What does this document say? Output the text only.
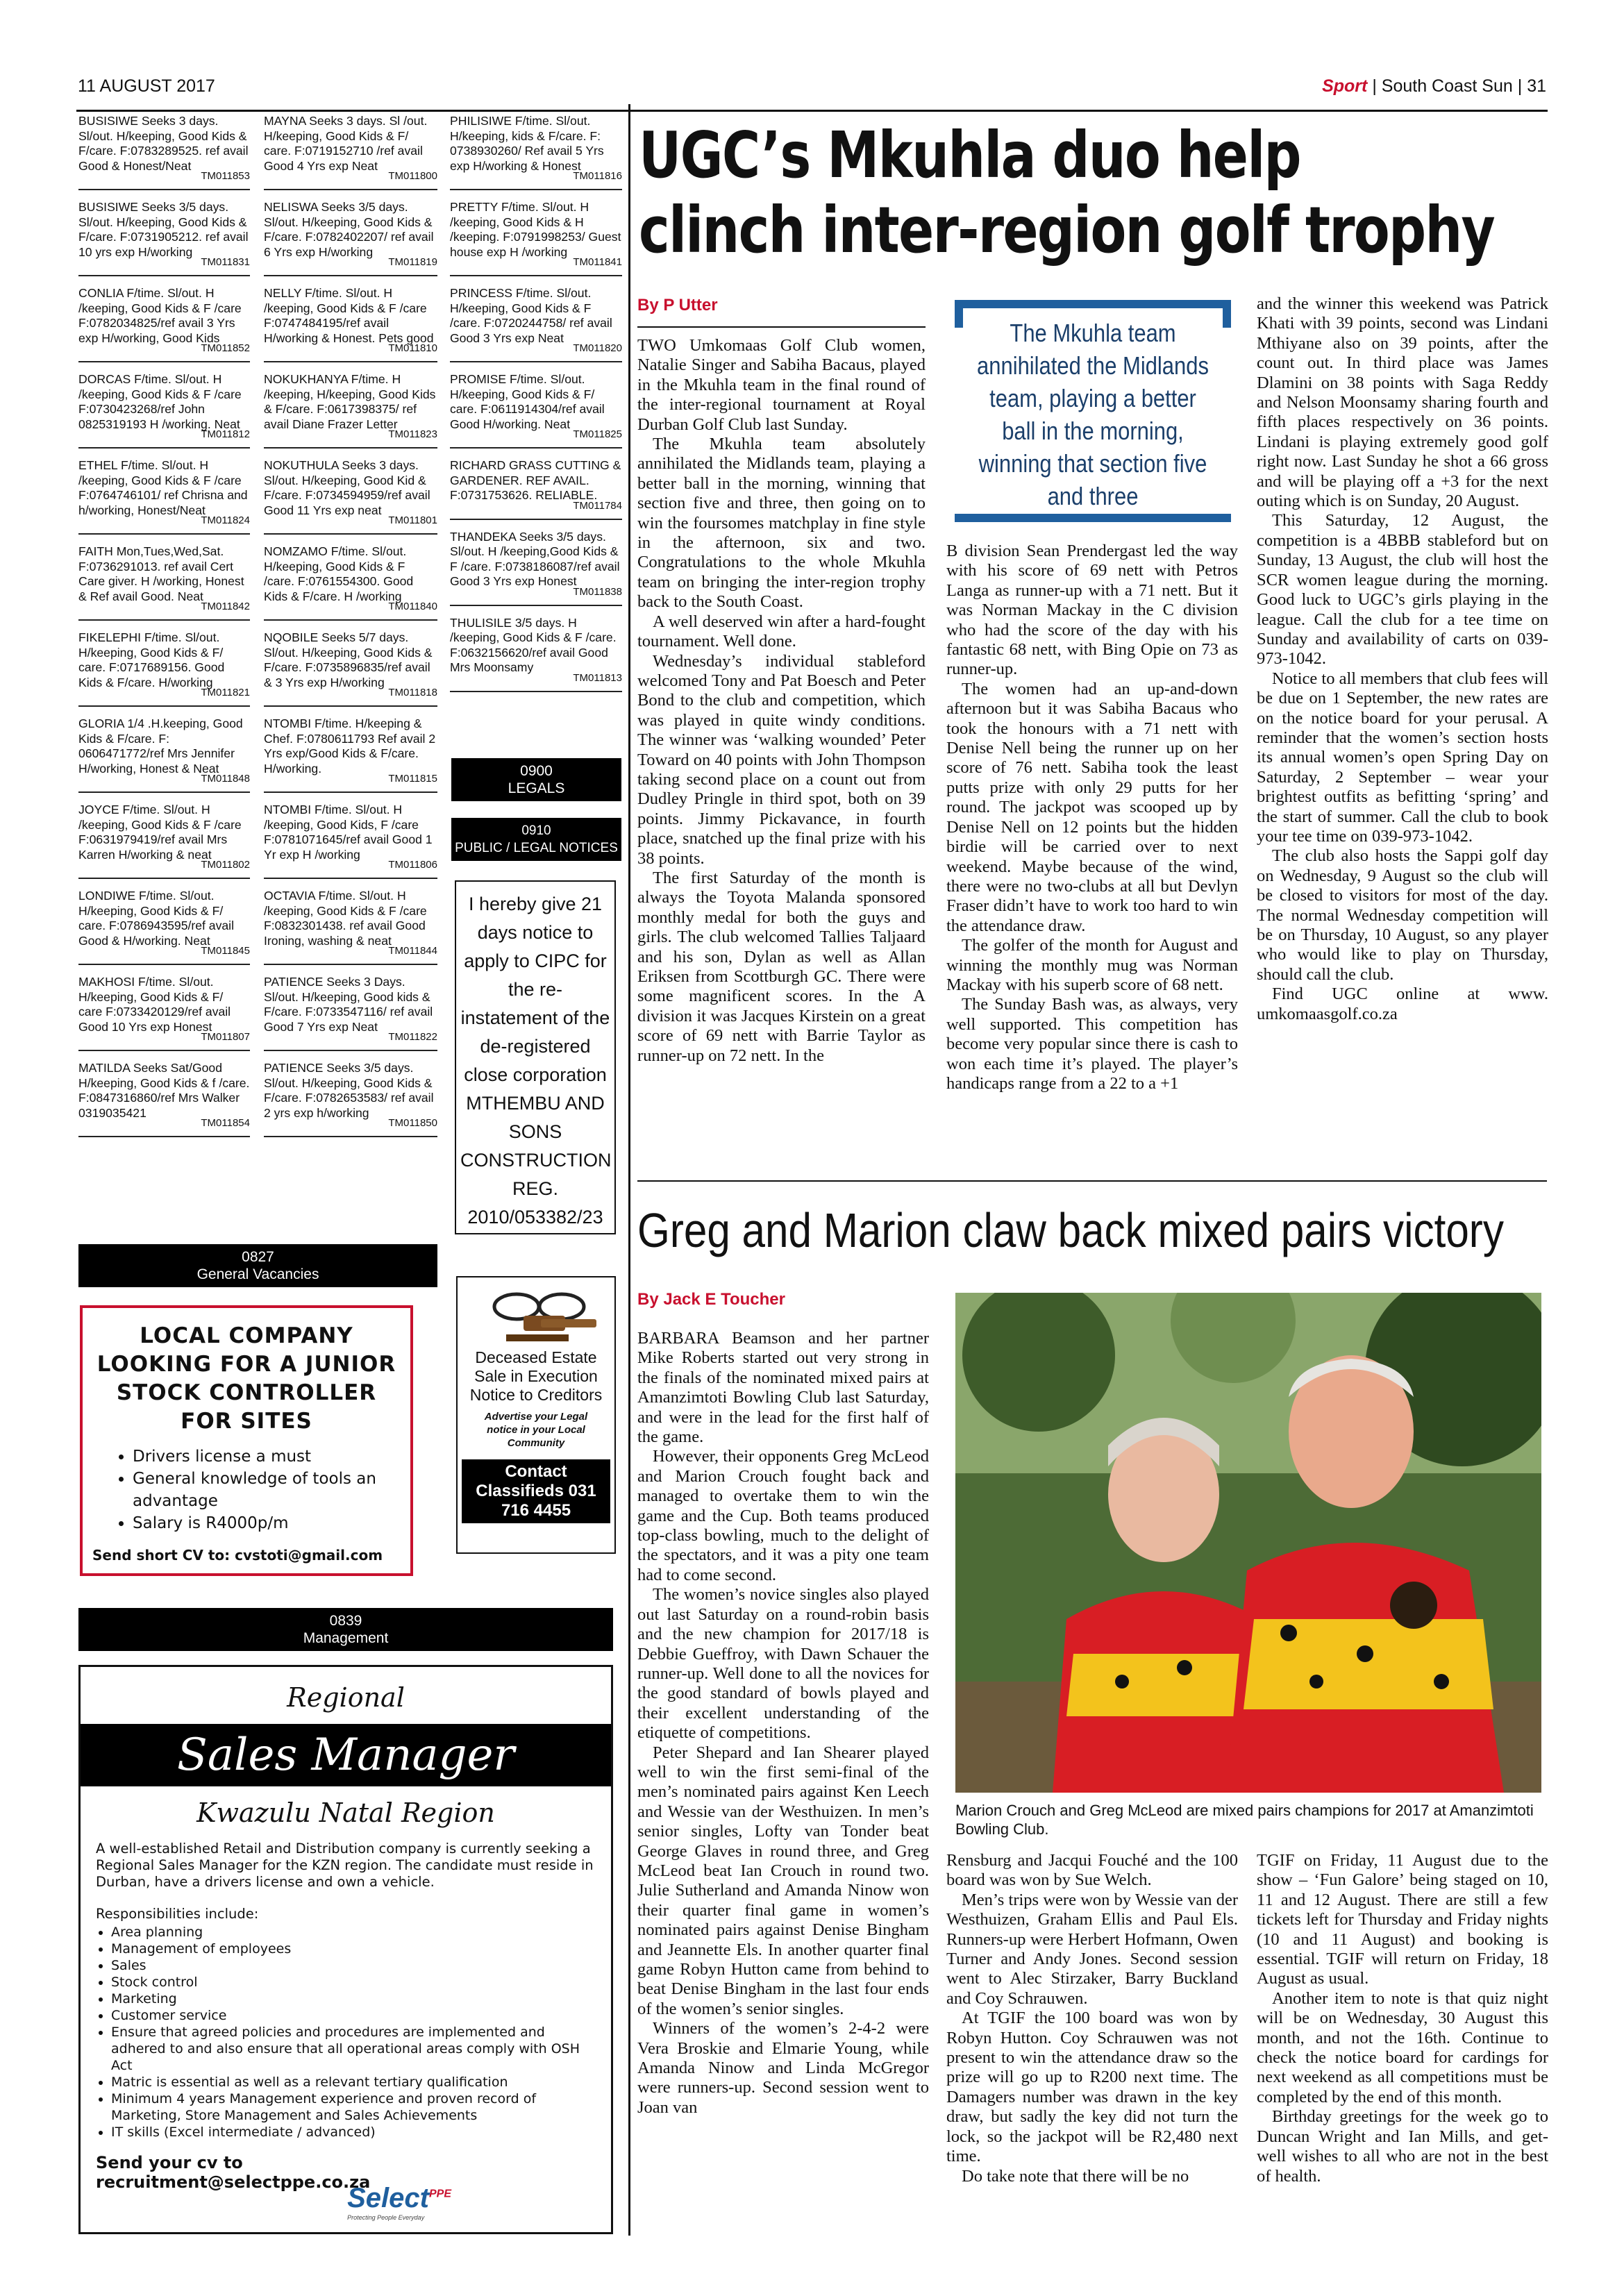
11 AUGUST 2017	Sport | South Coast Sun | 31
BUSISIWE Seeks 3 days. Sl/out. H/keeping, Good Kids & F/care. F:0783289525. ref avail Good & Honest/Neat
TM011853
BUSISIWE Seeks 3/5 days. Sl/out. H/keeping, Good Kids & F/care. F:0731905212. ref avail 10 yrs exp H/working
TM011831
CONLIA F/time. Sl/out. H /keeping, Good Kids & F /care F:0782034825/ref avail 3 Yrs exp H/working, Good Kids
TM011852
DORCAS F/time. Sl/out. H /keeping, Good Kids & F /care F:0730423268/ref John 0825319193 H /working. Neat
TM011812
ETHEL F/time. Sl/out. H /keeping, Good Kids & F /care F:0764746101/ ref Chrisna and h/working, Honest/Neat
TM011824
FAITH Mon,Tues,Wed,Sat. F:0736291013. ref avail Cert Care giver. H /working, Honest & Ref avail Good. Neat
TM011842
FIKELEPHI F/time. Sl/out. H/keeping, Good Kids & F/ care. F:0717689156. Good Kids & F/care. H/working
TM011821
GLORIA 1/4 .H.keeping, Good Kids & F/care. F: 0606471772/ref Mrs Jennifer H/working, Honest & Neat
TM011848
JOYCE F/time. Sl/out. H /keeping, Good Kids & F /care F:0631979419/ref avail Mrs Karren H/working & neat
TM011802
LONDIWE F/time. Sl/out. H/keeping, Good Kids & F/ care. F:0786943595/ref avail Good & H/working. Neat
TM011845
MAKHOSI F/time. Sl/out. H/keeping, Good Kids & F/ care F:0733420129/ref avail Good 10 Yrs exp Honest
TM011807
MATILDA Seeks Sat/Good H/keeping, Good Kids & f /care. F:0847316860/ref Mrs Walker 0319035421
TM011854
MAYNA Seeks 3 days. Sl /out. H/keeping, Good Kids & F/ care. F:0719152710 /ref avail Good 4 Yrs exp Neat
TM011800
NELISWA Seeks 3/5 days. Sl/out. H/keeping, Good Kids & F/care. F:0782402207/ ref avail 6 Yrs exp H/working
TM011819
NELLY F/time. Sl/out. H /keeping, Good Kids & F /care F:0747484195/ref avail H/working & Honest. Pets good
TM011810
NOKUKHANYA F/time. H /keeping, H/keeping, Good Kids & F/care. F:0617398375/ ref avail Diane Frazer Letter
TM011823
NOKUTHULA Seeks 3 days. Sl/out. H/keeping, Good Kid & F/care. F:0734594959/ref avail Good 11 Yrs exp neat
TM011801
NOMZAMO F/time. Sl/out. H/keeping, Good Kids & F /care. F:0761554300. Good Kids & F/care. H /working
TM011840
NQOBILE Seeks 5/7 days. Sl/out. H/keeping, Good Kids & F/care. F:0735896835/ref avail & 3 Yrs exp H/working
TM011818
NTOMBI F/time. H/keeping & Chef. F:0780611793 Ref avail 2 Yrs exp/Good Kids & F/care. H/working.
TM011815
NTOMBI F/time. Sl/out. H /keeping, Good Kids, F /care F:0781071645/ref avail Good 1 Yr exp H /working
TM011806
OCTAVIA F/time. Sl/out. H /keeping, Good Kids & F /care F:0832301438. ref avail Good Ironing, washing & neat
TM011844
PATIENCE Seeks 3 Days. Sl/out. H/keeping, Good kids & F/care. F:0733547116/ ref avail Good 7 Yrs exp Neat
TM011822
PATIENCE Seeks 3/5 days. Sl/out. H/keeping, Good Kids & F/care. F:0782653583/ ref avail 2 yrs exp h/working
TM011850
PHILISIWE F/time. Sl/out. H/keeping, kids & F/care. F: 0738930260/ Ref avail 5 Yrs exp H/working & Honest
TM011816
PRETTY F/time. Sl/out. H /keeping, Good Kids & H /keeping. F:0791998253/ Guest house exp H /working
TM011841
PRINCESS F/time. Sl/out. H/keeping, Good Kids & F /care. F:0720244758/ ref avail Good 3 Yrs exp Neat
TM011820
PROMISE F/time. Sl/out. H/keeping, Good Kids & F/ care. F:0611914304/ref avail Good H/working. Neat
TM011825
RICHARD GRASS CUTTING & GARDENER. REF AVAIL. F:0731753626. RELIABLE.
TM011784
THANDEKA Seeks 3/5 days. Sl/out. H /keeping,Good Kids & F /care. F:0738186087/ref avail Good 3 Yrs exp Honest
TM011838
THULISILE 3/5 days. H /keeping, Good Kids & F /care. F:0632156620/ref avail Good Mrs Moonsamy
TM011813
0900
LEGALS
0910
PUBLIC / LEGAL NOTICES
I hereby give 21 days notice to apply to CIPC for the re-instatement of the de-registered close corporation MTHEMBU AND SONS CONSTRUCTION REG. 2010/053382/23
Deceased Estate Sale in Execution Notice to Creditors
Advertise your Legal notice in your Local Community
Contact Classifieds 031 716 4455
0827
General Vacancies
LOCAL COMPANY LOOKING FOR A JUNIOR STOCK CONTROLLER FOR SITES
• Drivers license a must
• General knowledge of tools an advantage
• Salary is R4000p/m
Send short CV to: cvstoti@gmail.com
0839
Management
Regional
Sales Manager
Kwazulu Natal Region
A well-established Retail and Distribution company is currently seeking a Regional Sales Manager for the KZN region. The candidate must reside in Durban, have a drivers license and own a vehicle.
Responsibilities include:
• Area planning
• Management of employees
• Sales
• Stock control
• Marketing
• Customer service
• Ensure that agreed policies and procedures are implemented and adhered to and also ensure that all operational areas comply with OSH Act
• Matric is essential as well as a relevant tertiary qualification
• Minimum 4 years Management experience and proven record of Marketing, Store Management and Sales Achievements
• IT skills (Excel intermediate / advanced)
Send your cv to recruitment@selectppe.co.za
Select$^{PPE}$
Protecting People Everyday
UGC’s Mkuhla duo help
clinch inter-region golf trophy
By P Utter

TWO Umkomaas Golf Club women, Natalie Singer and Sabiha Bacaus, played in the Mkuhla team in the final round of the inter-regional tournament at Royal Durban Golf Club last Sunday.

The Mkuhla team absolutely annihilated the Midlands team, playing a better ball in the morning, winning that section five and three, then going on to win the foursomes matchplay in fine style in the afternoon, six and two. Congratulations to the whole Mkuhla team on bringing the inter-region trophy back to the South Coast.

A well deserved win after a hard-fought tournament. Well done.

Wednesday’s individual stableford welcomed Tony and Pat Boesch and Peter Bond to the club and competition, which was played in quite windy conditions. The winner was ‘walking wounded’ Peter Toward on 40 points with John Thompson taking second place on a count out from Dudley Pringle in third spot, both on 39 points. Jimmy Pickavance, in fourth place, snatched up the final prize with his 38 points.

The first Saturday of the month is always the Toyota Malanda sponsored monthly medal for both the guys and girls. The club welcomed Tallies Taljaard and his son, Dylan as well as Allan Eriksen from Scottburgh GC. There were some magnificent scores. In the A division it was Jacques Kirstein on a great score of 69 nett with Barrie Taylor as runner-up on 72 nett. In the

The Mkuhla team annihilated the Midlands team, playing a better ball in the morning, winning that section five and three

B division Sean Prendergast led the way with his score of 69 nett with Petros Langa as runner-up with a 71 nett. But it was Norman Mackay in the C division who had the score of the day with his fantastic 68 nett, with Bing Opie on 73 as runner-up.

The women had an up-and-down afternoon but it was Sabiha Bacaus who took the honours with a 71 nett with Denise Nell being the runner up on her score of 76 nett. Sabiha took the least putts prize with only 29 putts for her round. The jackpot was scooped up by Denise Nell on 12 points but the hidden birdie will be carried over to next weekend. Maybe because of the wind, there were no two-clubs at all but Devlyn Fraser didn’t have to work too hard to win the attendance draw.

The golfer of the month for August and winning the monthly mug was Norman Mackay with his superb score of 68 nett.

The Sunday Bash was, as always, very well supported. This competition has become very popular since there is cash to won each time it’s played. The player’s handicaps range from a 22 to a +1

and the winner this weekend was Patrick Khati with 39 points, second was Lindani Mthiyane also on 39 points, after the count out. In third place was James Dlamini on 38 points with Saga Reddy and Nelson Moonsamy sharing fourth and fifth places respectively on 36 points. Lindani is playing extremely good golf right now. Last Sunday he shot a 66 gross and will be playing off a +3 for the next outing which is on Sunday, 20 August.

This Saturday, 12 August, the competition is a 4BBB stableford but on Sunday, 13 August, the club will host the SCR women league during the morning. Good luck to UGC’s girls playing in the league. Call the club for a tee time on Sunday and availability of carts on 039-973-1042.

Notice to all members that club fees will be due on 1 September, the new rates are on the notice board for your perusal. A reminder that the women’s section hosts its annual women’s open Spring Day on Saturday, 2 September – wear your brightest outfits as befitting ‘spring’ and the start of summer. Call the club to book your tee time on 039-973-1042.

The club also hosts the Sappi golf day on Wednesday, 9 August so the club will be closed to visitors for most of the day. The normal Wednesday competition will be on Thursday, 10 August, so any player who would like to play on Thursday, should call the club.

Find UGC online at www. umkomaasgolf.co.za

Greg and Marion claw back mixed pairs victory
By Jack E Toucher

BARBARA Beamson and her partner Mike Roberts started out very strong in the finals of the nominated mixed pairs at Amanzimtoti Bowling Club last Saturday, and were in the lead for the first half of the game.

However, their opponents Greg McLeod and Marion Crouch fought back and managed to overtake them to win the game and the Cup. Both teams produced top-class bowling, much to the delight of the spectators, and it was a pity one team had to come second.

The women’s novice singles also played out last Saturday on a round-robin basis and the new champion for 2017/18 is Debbie Gueffroy, with Dawn Schauer the runner-up. Well done to all the novices for the good standard of bowls played and their excellent understanding of the etiquette of competitions.

Peter Shepard and Ian Shearer played well to win the first semi-final of the men’s nominated pairs against Ken Leech and Wessie van der Westhuizen. In men’s senior singles, Lofty van Tonder beat George Glaves in round three, and Greg McLeod beat Ian Crouch in round two. Julie Sutherland and Amanda Ninow won their quarter final game in women’s nominated pairs against Denise Bingham and Jeannette Els. In another quarter final game Robyn Hutton came from behind to beat Denise Bingham in the last four ends of the women’s senior singles.

Winners of the women’s 2-4-2 were Vera Broskie and Elmarie Young, while Amanda Ninow and Linda McGregor were runners-up. Second session went to Joan van

Marion Crouch and Greg McLeod are mixed pairs champions for 2017 at Amanzimtoti Bowling Club.

Rensburg and Jacqui Fouché and the 100 board was won by Sue Welch.

Men’s trips were won by Wessie van der Westhuizen, Graham Ellis and Paul Els. Runners-up were Herbert Hofmann, Owen Turner and Andy Jones. Second session went to Alec Stirzaker, Barry Buckland and Coy Schrauwen.

At TGIF the 100 board was won by Robyn Hutton. Coy Schrauwen was not present to win the attendance draw so the prize will go up to R200 next time. The Damagers number was drawn in the key draw, but sadly the key did not turn the lock, so the jackpot will be R2,480 next time.

Do take note that there will be no

TGIF on Friday, 11 August due to the show – ‘Fun Galore’ being staged on 10, 11 and 12 August. There are still a few tickets left for Thursday and Friday nights (10 and 11 August) and booking is essential. TGIF will return on Friday, 18 August as usual.

Another item to note is that quiz night will be on Wednesday, 30 August this month, and not the 16th. Continue to check the notice board for cardings for next weekend as all competitions must be completed by the end of this month.

Birthday greetings for the week go to Duncan Wright and Ian Mills, and get-well wishes to all who are not in the best of health.
